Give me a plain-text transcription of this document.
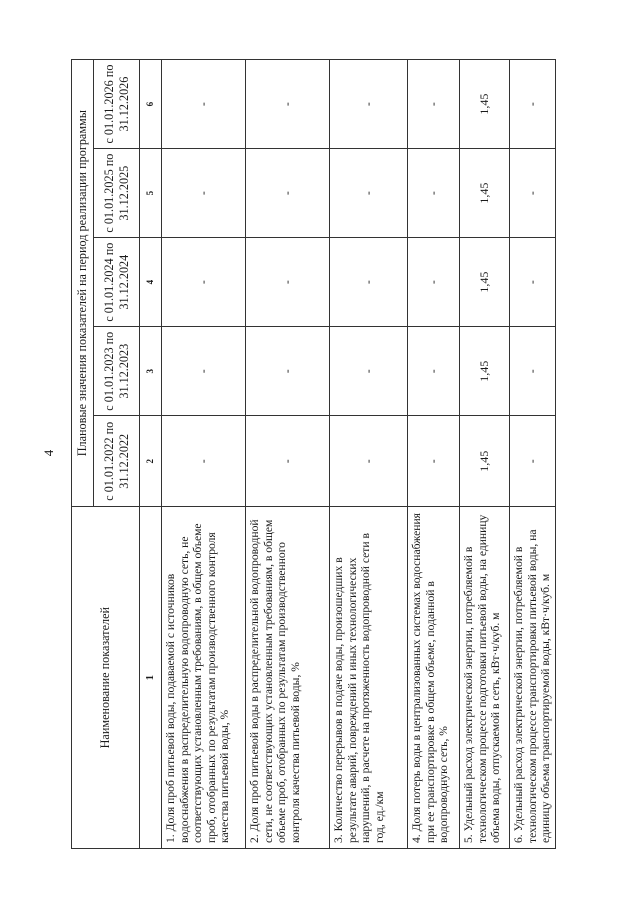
4
Наименование показателей	Плановые значения показателей на период реализации программы				
	с 01.01.2022 по 31.12.2022	с 01.01.2023 по 31.12.2023	с 01.01.2024 по 31.12.2024	с 01.01.2025 по 31.12.2025	с 01.01.2026 по 31.12.2026
1	2	3	4	5	6
1. Доля проб питьевой воды, подаваемой с источников водоснабжения в распределительную водопроводную сеть, не соответствующих установленным требованиям, в общем объеме проб, отобранных по результатам производственного контроля качества питьевой воды, %	-	-	-	-	-
2. Доля проб питьевой воды в распределительной водопроводной сети, не соответствующих установленным требованиям, в общем объеме проб, отобранных по результатам производственного контроля качества питьевой воды, %	-	-	-	-	-
3. Количество перерывов в подаче воды, произошедших в результате аварий, повреждений и иных технологических нарушений, в расчете на протяженность водопроводной сети в год, ед./км	-	-	-	-	-
4. Доля потерь воды в централизованных системах водоснабжения при ее транспортировке в общем объеме, поданной в водопроводную сеть, %	-	-	-	-	-
5. Удельный расход электрической энергии, потребляемой в технологическом процессе подготовки питьевой воды, на единицу объема воды, отпускаемой в сеть, кВт·ч/куб. м	1,45	1,45	1,45	1,45	1,45
6. Удельный расход электрической энергии, потребляемой в технологическом процессе транспортировки питьевой воды, на единицу объема транспортируемой воды, кВт·ч/куб. м	-	-	-	-	-
